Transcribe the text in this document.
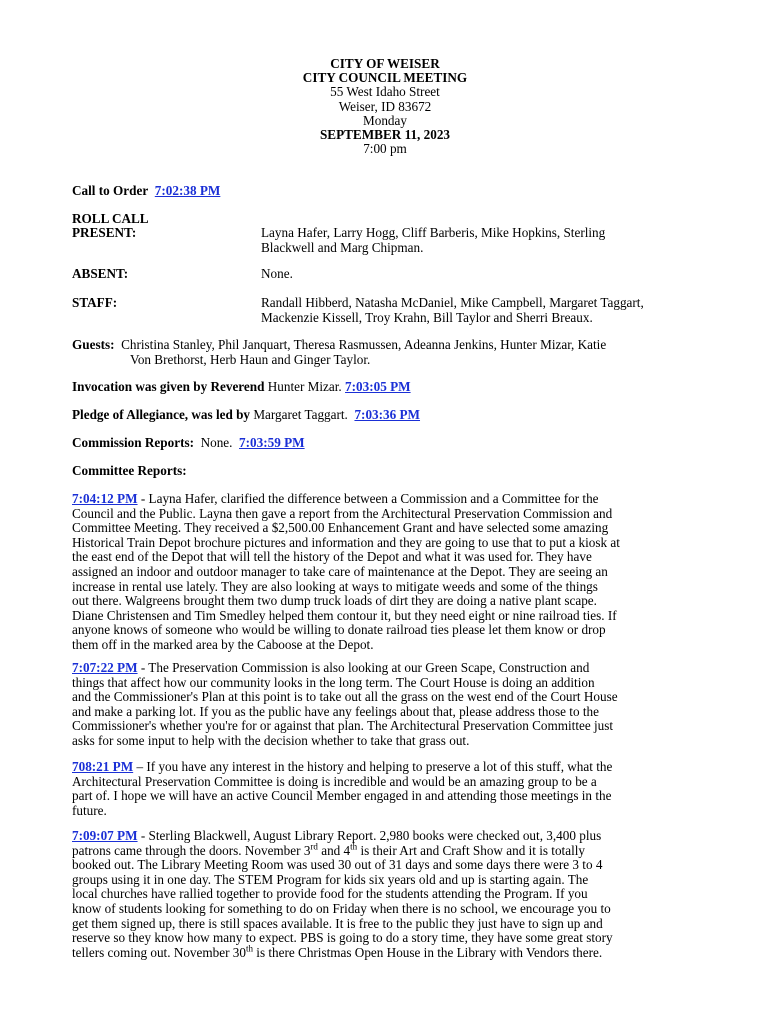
CITY OF WEISER
CITY COUNCIL MEETING
55 West Idaho Street
Weiser, ID 83672
Monday
SEPTEMBER 11, 2023
7:00 pm
Call to Order 7:02:38 PM
ROLL CALL
PRESENT:	Layna Hafer, Larry Hogg, Cliff Barberis, Mike Hopkins, Sterling
Blackwell and Marg Chipman.
ABSENT:	None.
STAFF:	Randall Hibberd, Natasha McDaniel, Mike Campbell, Margaret Taggart,
Mackenzie Kissell, Troy Krahn, Bill Taylor and Sherri Breaux.
Guests: Christina Stanley, Phil Janquart, Theresa Rasmussen, Adeanna Jenkins, Hunter Mizar, Katie
Von Brethorst, Herb Haun and Ginger Taylor.
Invocation was given by Reverend Hunter Mizar. 7:03:05 PM
Pledge of Allegiance, was led by Margaret Taggart. 7:03:36 PM
Commission Reports: None. 7:03:59 PM
Committee Reports:
7:04:12 PM - Layna Hafer, clarified the difference between a Commission and a Committee for the
Council and the Public. Layna then gave a report from the Architectural Preservation Commission and
Committee Meeting. They received a $2,500.00 Enhancement Grant and have selected some amazing
Historical Train Depot brochure pictures and information and they are going to use that to put a kiosk at
the east end of the Depot that will tell the history of the Depot and what it was used for. They have
assigned an indoor and outdoor manager to take care of maintenance at the Depot. They are seeing an
increase in rental use lately. They are also looking at ways to mitigate weeds and some of the things
out there. Walgreens brought them two dump truck loads of dirt they are doing a native plant scape.
Diane Christensen and Tim Smedley helped them contour it, but they need eight or nine railroad ties. If
anyone knows of someone who would be willing to donate railroad ties please let them know or drop
them off in the marked area by the Caboose at the Depot.
7:07:22 PM - The Preservation Commission is also looking at our Green Scape, Construction and
things that affect how our community looks in the long term. The Court House is doing an addition
and the Commissioner's Plan at this point is to take out all the grass on the west end of the Court House
and make a parking lot. If you as the public have any feelings about that, please address those to the
Commissioner's whether you're for or against that plan. The Architectural Preservation Committee just
asks for some input to help with the decision whether to take that grass out.
708:21 PM – If you have any interest in the history and helping to preserve a lot of this stuff, what the
Architectural Preservation Committee is doing is incredible and would be an amazing group to be a
part of. I hope we will have an active Council Member engaged in and attending those meetings in the
future.
7:09:07 PM - Sterling Blackwell, August Library Report. 2,980 books were checked out, 3,400 plus
patrons came through the doors. November 3rd and 4th is their Art and Craft Show and it is totally
booked out. The Library Meeting Room was used 30 out of 31 days and some days there were 3 to 4
groups using it in one day. The STEM Program for kids six years old and up is starting again. The
local churches have rallied together to provide food for the students attending the Program. If you
know of students looking for something to do on Friday when there is no school, we encourage you to
get them signed up, there is still spaces available. It is free to the public they just have to sign up and
reserve so they know how many to expect. PBS is going to do a story time, they have some great story
tellers coming out. November 30th is there Christmas Open House in the Library with Vendors there.
